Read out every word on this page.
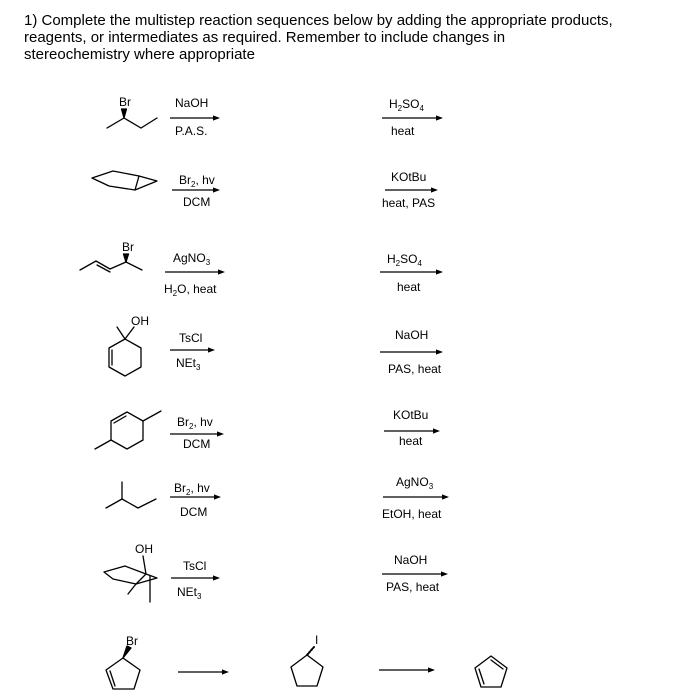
1) Complete the multistep reaction sequences below by adding the appropriate products,
reagents, or intermediates as required. Remember to include changes in
stereochemistry where appropriate
Br	NaOH
P.A.S.
$H_2SO_4$
heat
$Br_2$, hv
DCM
KOtBu
heat, PAS
Br
AgNO$_3$
$H_2O$, heat
$H_2SO_4$
heat
OH
TsCl
NEt$_3$
NaOH
PAS, heat
$Br_2$, hv
DCM
KOtBu
heat
$Br_2$, hv
DCM
AgNO$_3$
EtOH, heat
OH
TsCl
NEt$_3$
NaOH
PAS, heat
Br	I
